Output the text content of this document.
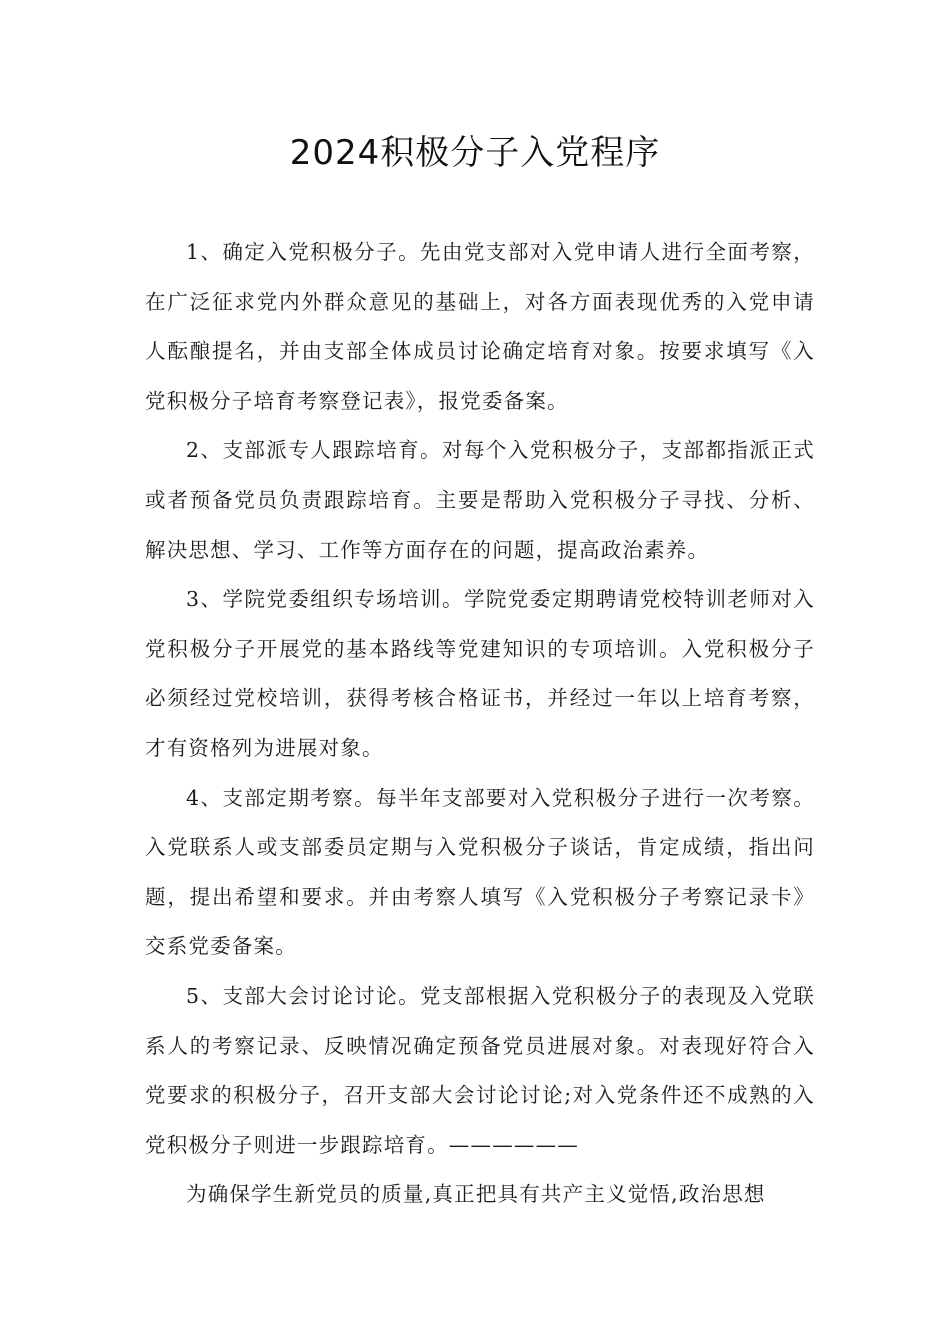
2024积极分子入党程序

1、确定入党积极分子。先由党支部对入党申请人进行全面考察，在广泛征求党内外群众意见的基础上，对各方面表现优秀的入党申请人酝酿提名，并由支部全体成员讨论确定培育对象。按要求填写《入党积极分子培育考察登记表》，报党委备案。

2、支部派专人跟踪培育。对每个入党积极分子，支部都指派正式或者预备党员负责跟踪培育。主要是帮助入党积极分子寻找、分析、解决思想、学习、工作等方面存在的问题，提高政治素养。

3、学院党委组织专场培训。学院党委定期聘请党校特训老师对入党积极分子开展党的基本路线等党建知识的专项培训。入党积极分子必须经过党校培训，获得考核合格证书，并经过一年以上培育考察，才有资格列为进展对象。

4、支部定期考察。每半年支部要对入党积极分子进行一次考察。入党联系人或支部委员定期与入党积极分子谈话，肯定成绩，指出问题，提出希望和要求。并由考察人填写《入党积极分子考察记录卡》交系党委备案。

5、支部大会讨论讨论。党支部根据入党积极分子的表现及入党联系人的考察记录、反映情况确定预备党员进展对象。对表现好符合入党要求的积极分子，召开支部大会讨论讨论;对入党条件还不成熟的入党积极分子则进一步跟踪培育。——————

为确保学生新党员的质量,真正把具有共产主义觉悟,政治思想
